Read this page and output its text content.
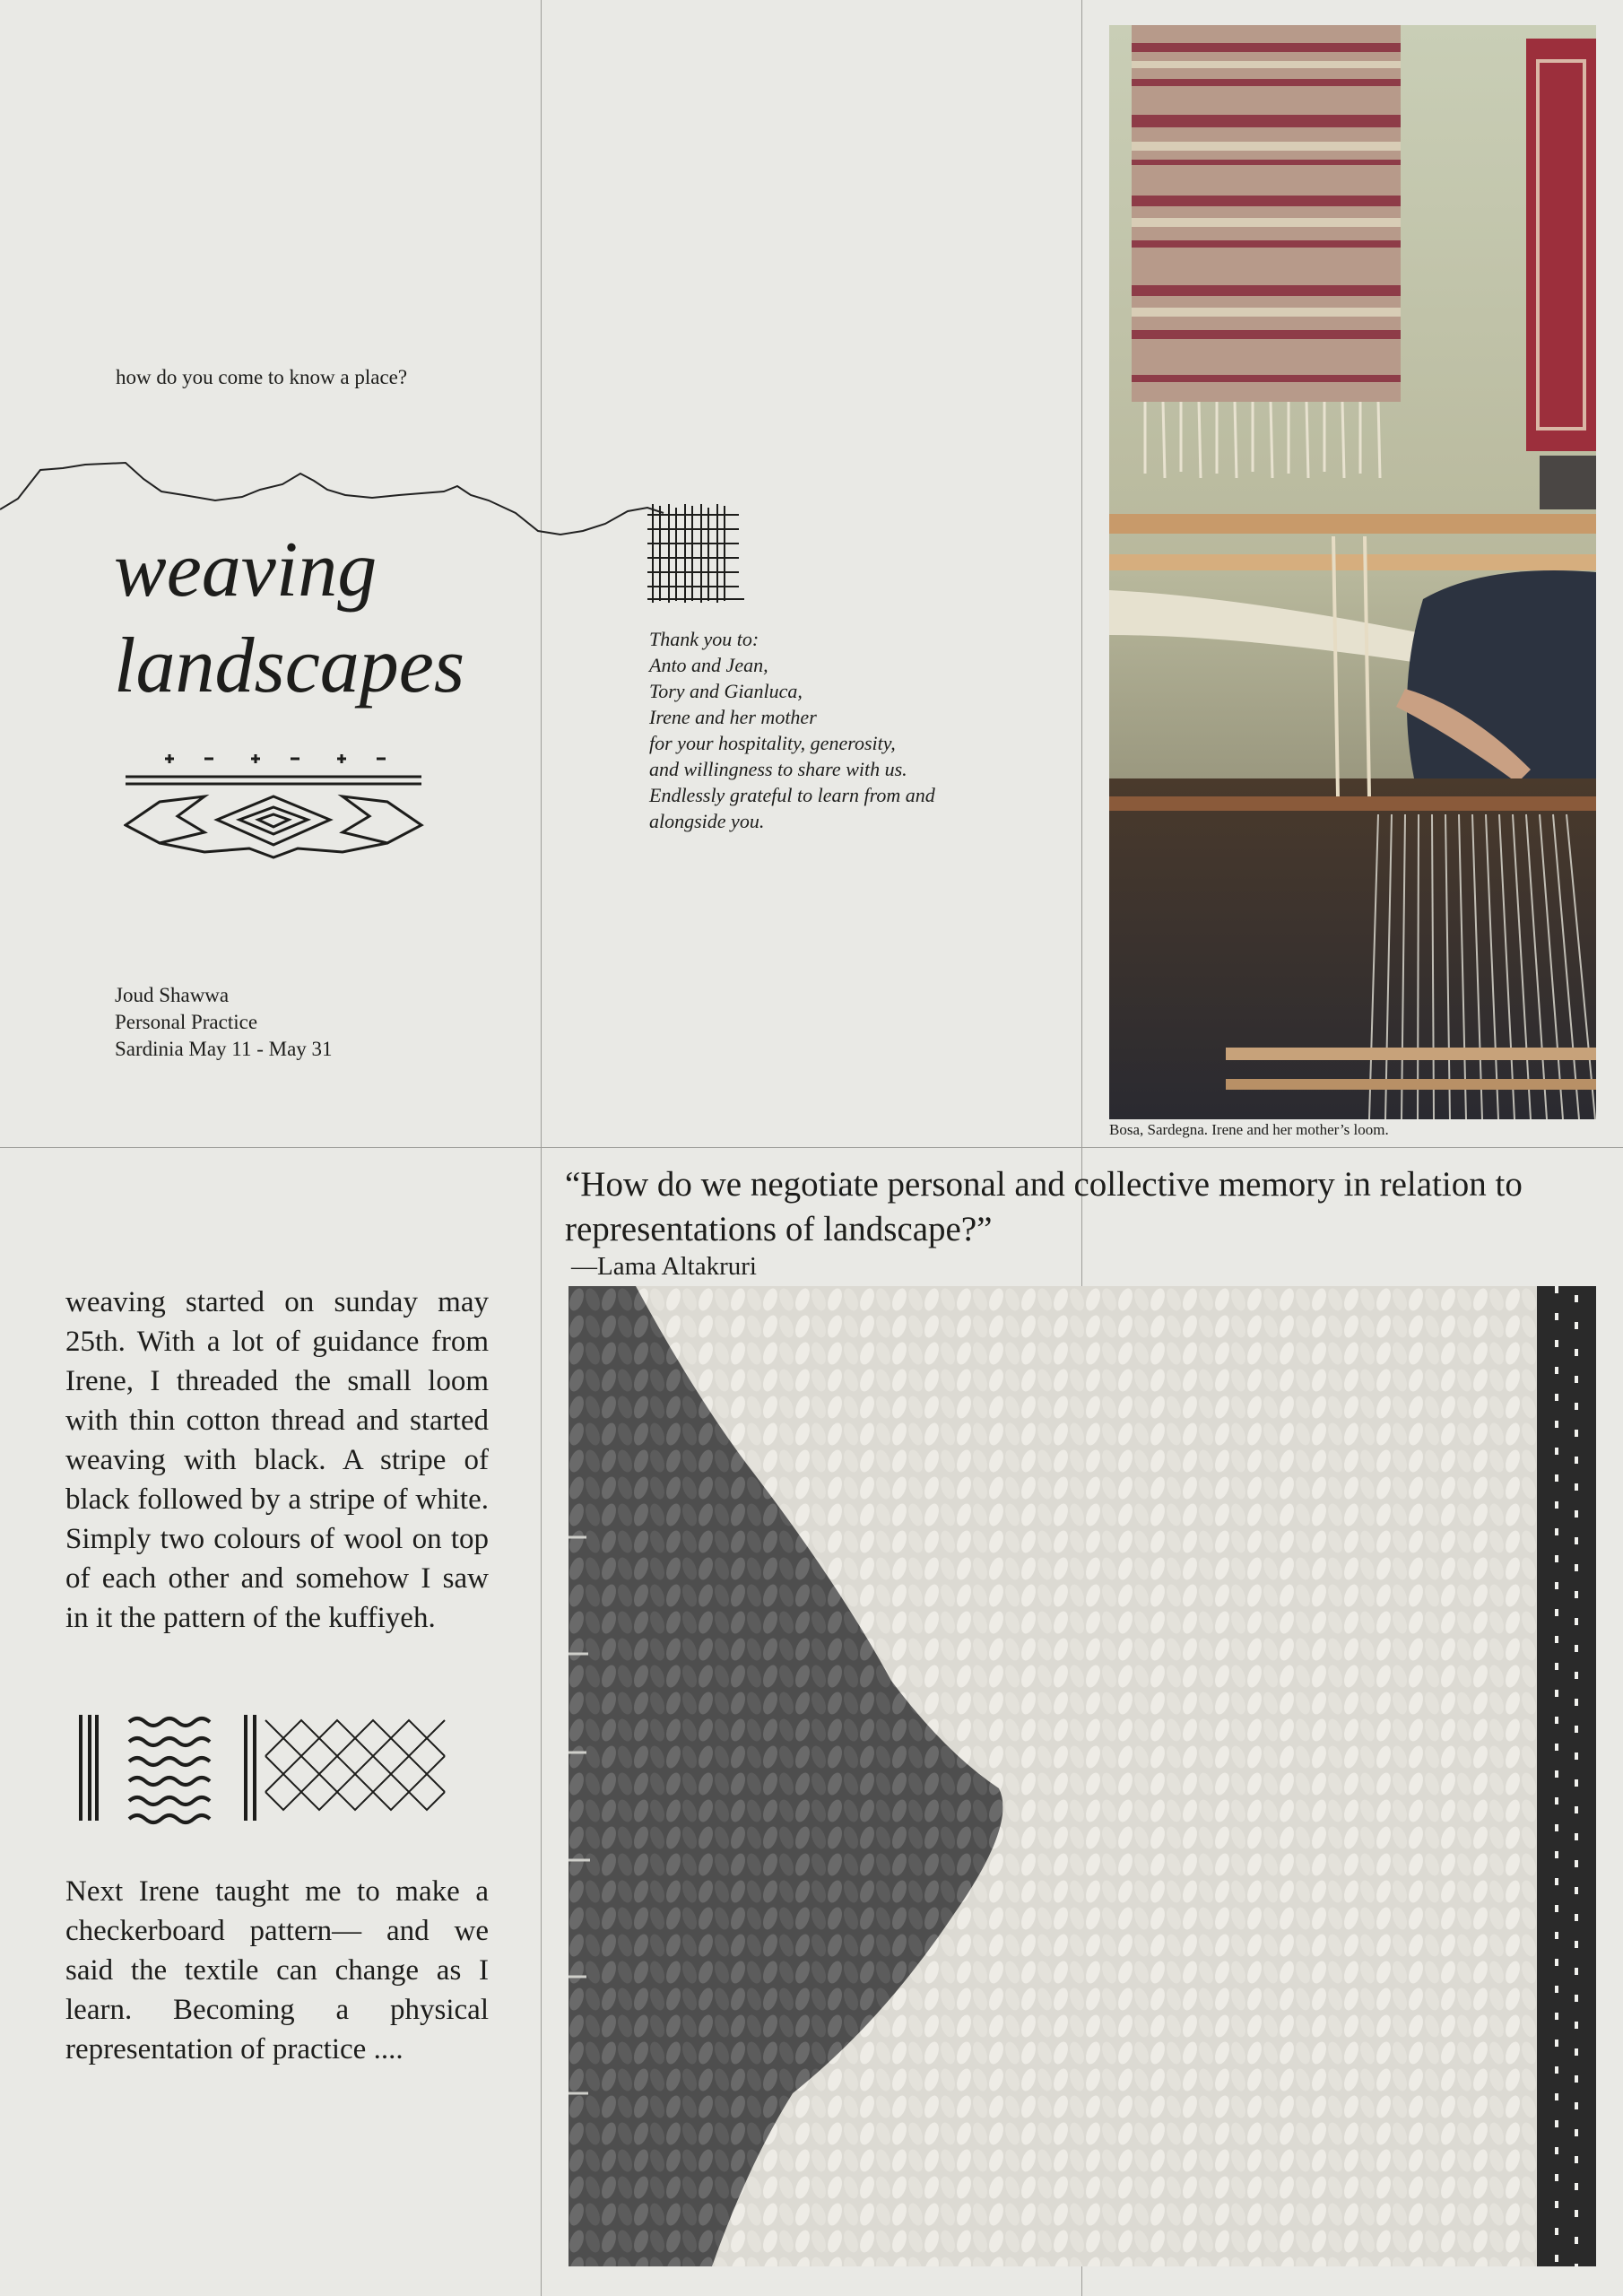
how do you come to know a place?
weaving
landscapes
Joud Shawwa
Personal Practice
Sardinia May 11 - May 31
Thank you to:
Anto and Jean,
Tory and Gianluca,
Irene and her mother
for your hospitality, generosity,
and willingness to share with us.
Endlessly grateful to learn from and
alongside you.
Bosa, Sardegna. Irene and her mother’s loom.
“How do we negotiate personal and collective memory in relation to representations of landscape?”
—Lama Altakruri
weaving started on sunday may 25th. With a lot of guidance from Irene, I threaded the small loom with thin cotton thread and started weaving with black. A stripe of black followed by a stripe of white. Simply two colours of wool on top of each other and somehow I saw in it the pattern of the kuffiyeh.
Next Irene taught me to make a checkerboard pattern— and we said the textile can change as I learn. Becoming a physical representation of practice ....
